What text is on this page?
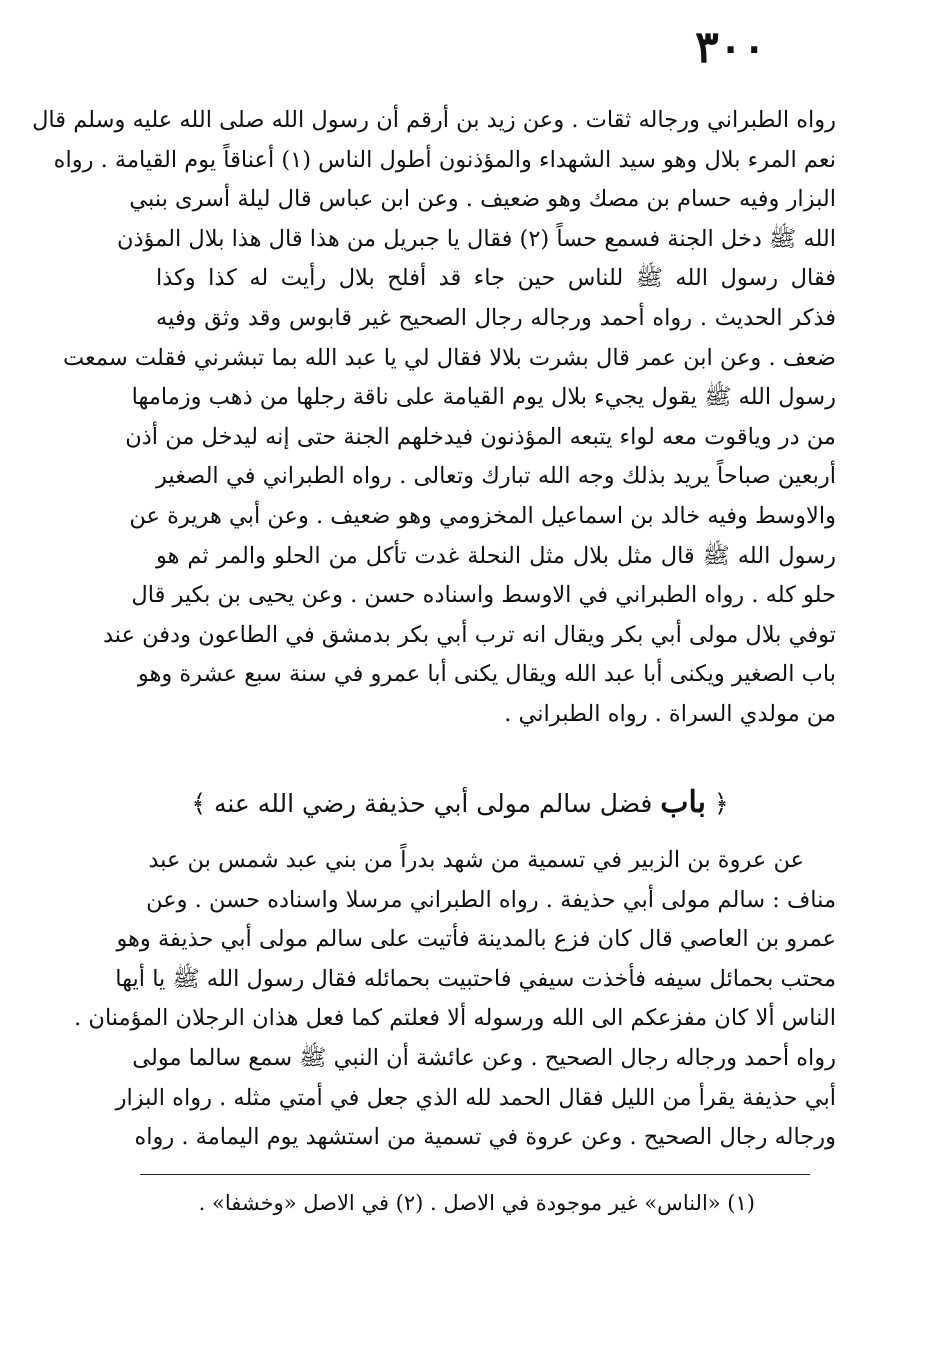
٣٠٠
رواه الطبراني ورجاله ثقات . وعن زيد بن أرقم أن رسول الله صلى الله عليه وسلم قال
نعم المرء بلال وهو سيد الشهداء والمؤذنون أطول الناس (١) أعناقاً يوم القيامة . رواه
البزار وفيه حسام بن مصك وهو ضعيف . وعن ابن عباس قال ليلة أسرى بنبي
الله ﷺ دخل الجنة فسمع حساً (٢) فقال يا جبريل من هذا قال هذا بلال المؤذن
فقال رسول الله ﷺ للناس حين جاء قد أفلح بلال رأيت له كذا وكذا
فذكر الحديث . رواه أحمد ورجاله رجال الصحيح غير قابوس وقد وثق وفيه
ضعف . وعن ابن عمر قال بشرت بلالا فقال لي يا عبد الله بما تبشرني فقلت سمعت
رسول الله ﷺ يقول يجيء بلال يوم القيامة على ناقة رجلها من ذهب وزمامها
من در وياقوت معه لواء يتبعه المؤذنون فيدخلهم الجنة حتى إنه ليدخل من أذن
أربعين صباحاً يريد بذلك وجه الله تبارك وتعالى . رواه الطبراني في الصغير
والاوسط وفيه خالد بن اسماعيل المخزومي وهو ضعيف . وعن أبي هريرة عن
رسول الله ﷺ قال مثل بلال مثل النحلة غدت تأكل من الحلو والمر ثم هو
حلو كله . رواه الطبراني في الاوسط واسناده حسن . وعن يحيى بن بكير قال
توفي بلال مولى أبي بكر ويقال انه ترب أبي بكر بدمشق في الطاعون ودفن عند
باب الصغير ويكنى أبا عبد الله ويقال يكنى أبا عمرو في سنة سبع عشرة وهو
من مولدي السراة . رواه الطبراني .
﴿ باب فضل سالم مولى أبي حذيفة رضي الله عنه ﴾
عن عروة بن الزبير في تسمية من شهد بدراً من بني عبد شمس بن عبد
مناف : سالم مولى أبي حذيفة . رواه الطبراني مرسلا واسناده حسن . وعن
عمرو بن العاصي قال كان فزع بالمدينة فأتيت على سالم مولى أبي حذيفة وهو
محتب بحمائل سيفه فأخذت سيفي فاحتبيت بحمائله فقال رسول الله ﷺ يا أيها
الناس ألا كان مفزعكم الى الله ورسوله ألا فعلتم كما فعل هذان الرجلان المؤمنان .
رواه أحمد ورجاله رجال الصحيح . وعن عائشة أن النبي ﷺ سمع سالما مولى
أبي حذيفة يقرأ من الليل فقال الحمد لله الذي جعل في أمتي مثله . رواه البزار
ورجاله رجال الصحيح . وعن عروة في تسمية من استشهد يوم اليمامة . رواه
(١) «الناس» غير موجودة في الاصل . (٢) في الاصل «وخشفا» .
